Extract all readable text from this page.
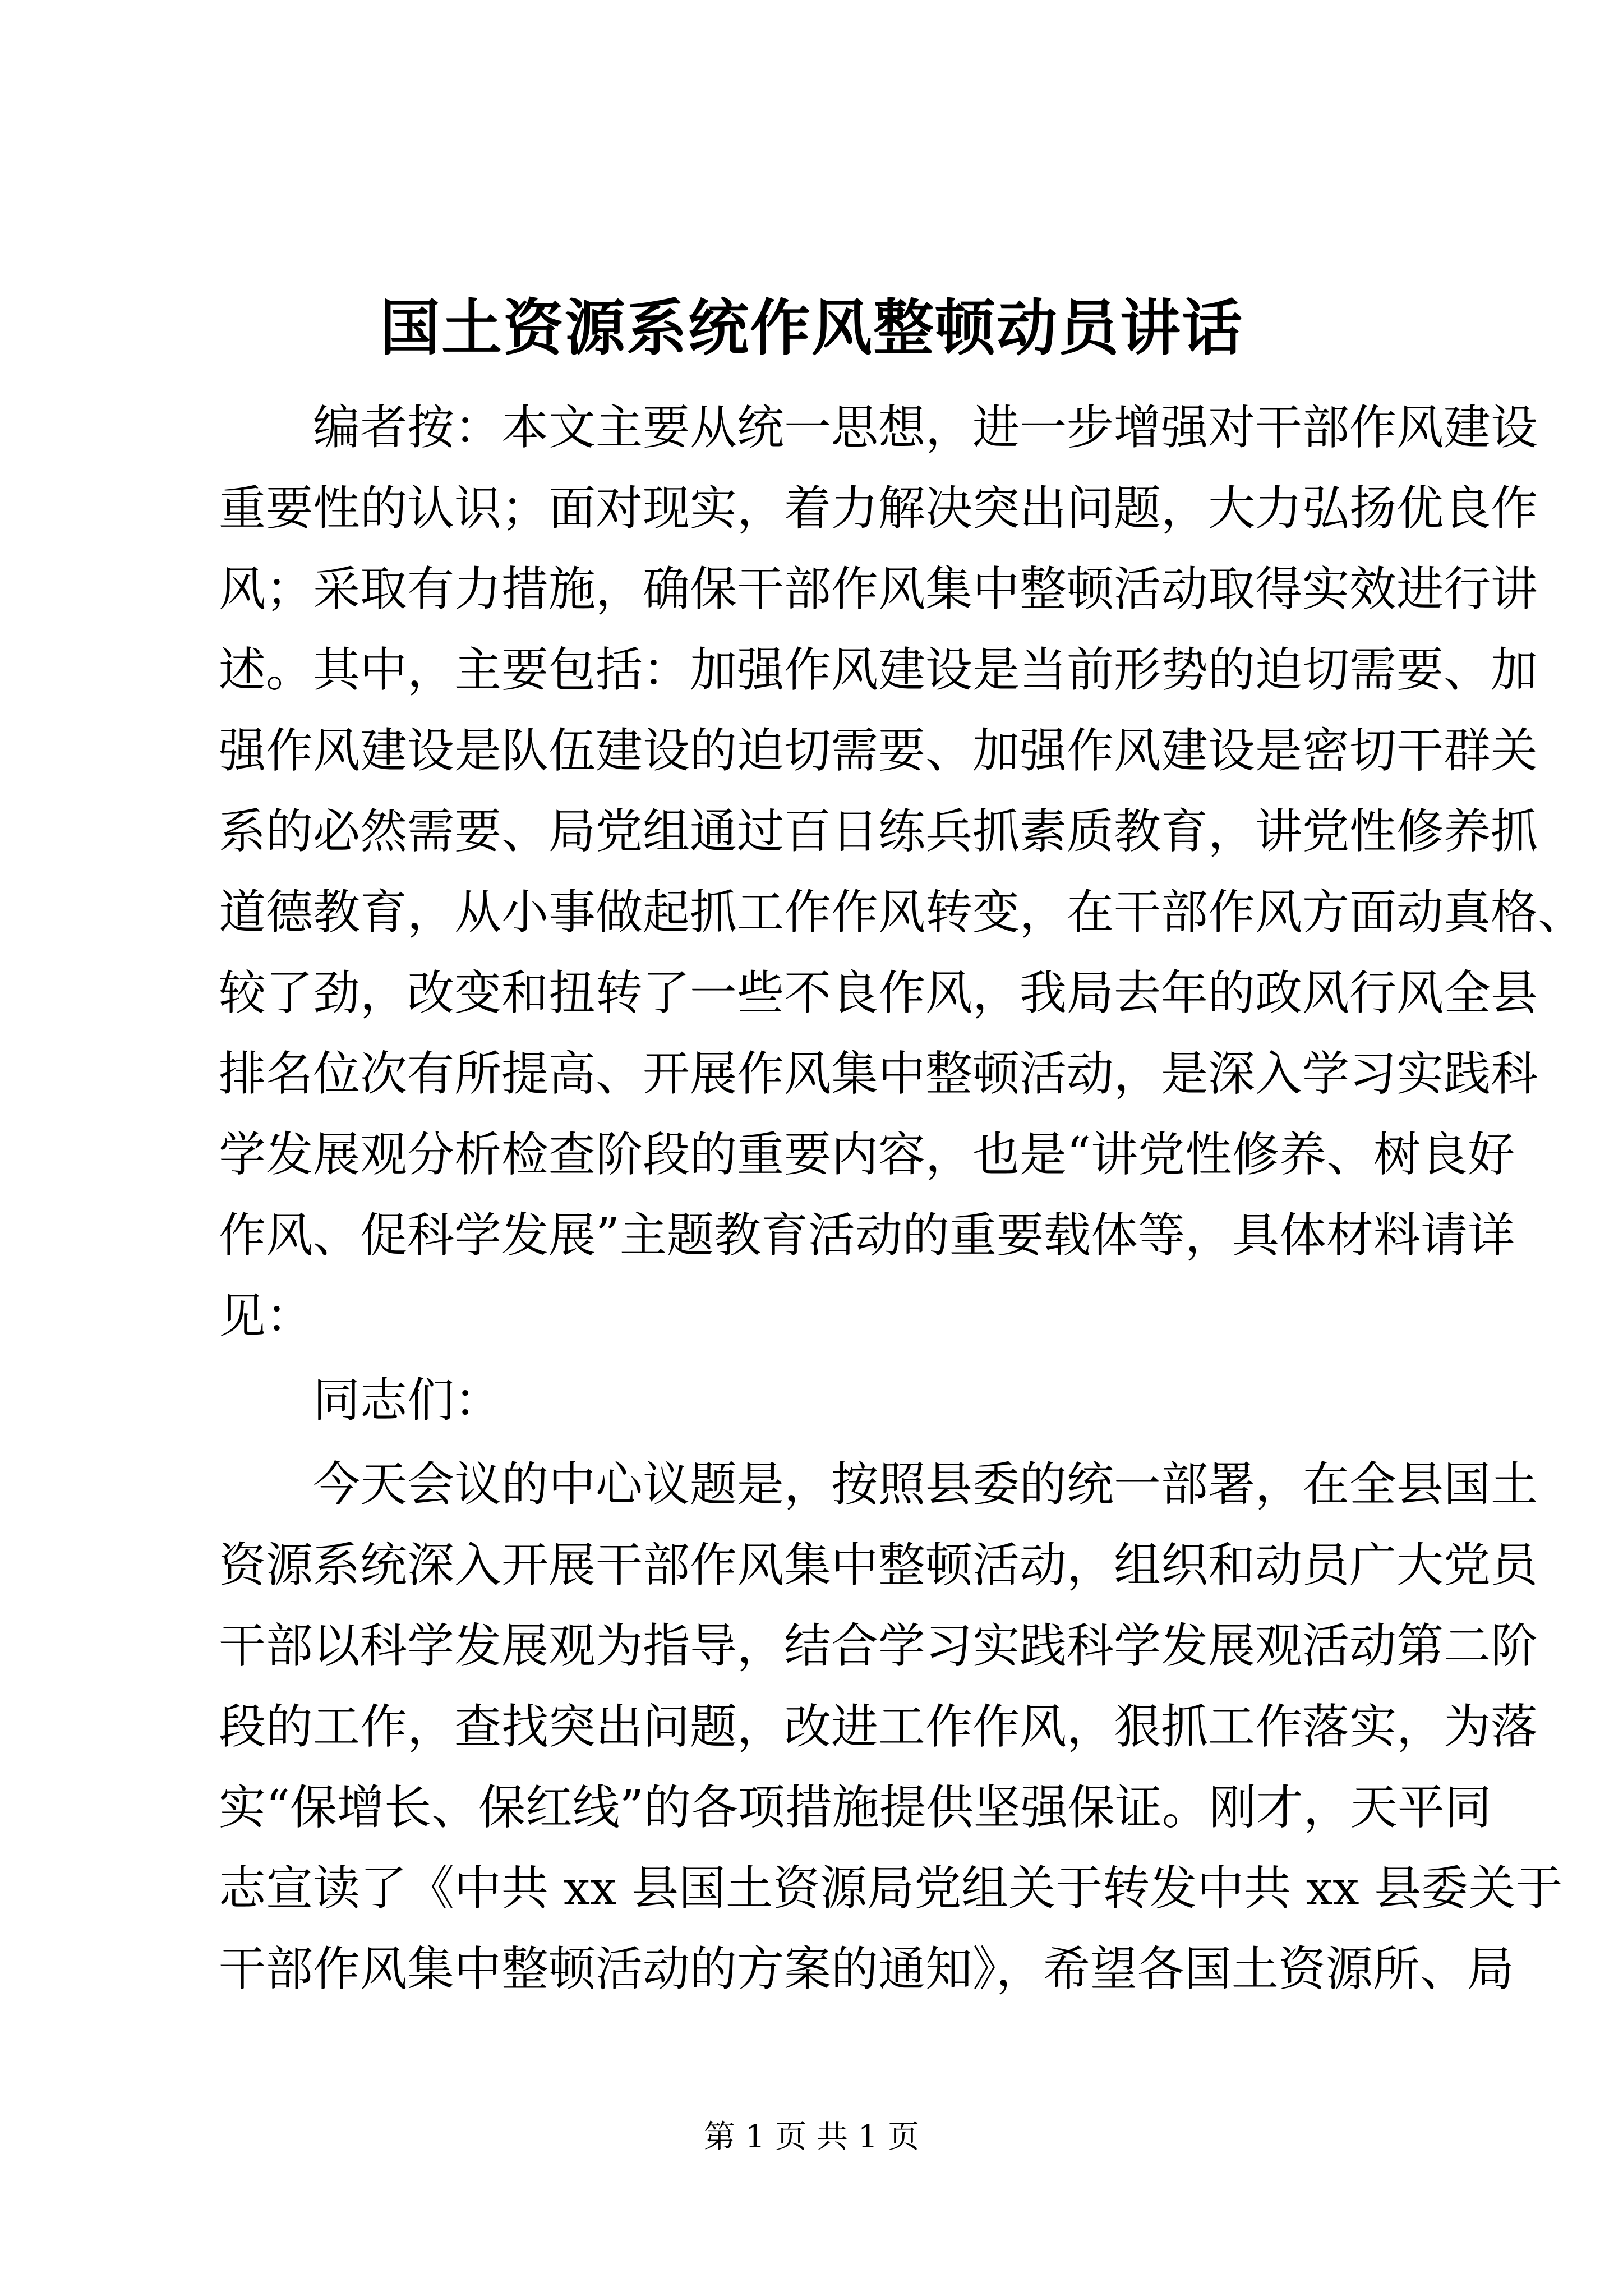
国土资源系统作风整顿动员讲话
编者按：本文主要从统一思想，进一步增强对干部作风建设
重要性的认识；面对现实，着力解决突出问题，大力弘扬优良作
风；采取有力措施，确保干部作风集中整顿活动取得实效进行讲
述。其中，主要包括：加强作风建设是当前形势的迫切需要、加
强作风建设是队伍建设的迫切需要、加强作风建设是密切干群关
系的必然需要、局党组通过百日练兵抓素质教育，讲党性修养抓
道德教育，从小事做起抓工作作风转变，在干部作风方面动真格、
较了劲，改变和扭转了一些不良作风，我局去年的政风行风全县
排名位次有所提高、开展作风集中整顿活动，是深入学习实践科
学发展观分析检查阶段的重要内容，也是“讲党性修养、树良好
作风、促科学发展”主题教育活动的重要载体等，具体材料请详
见：
同志们：
今天会议的中心议题是，按照县委的统一部署，在全县国土
资源系统深入开展干部作风集中整顿活动，组织和动员广大党员
干部以科学发展观为指导，结合学习实践科学发展观活动第二阶
段的工作，查找突出问题，改进工作作风，狠抓工作落实，为落
实“保增长、保红线”的各项措施提供坚强保证。刚才，天平同
志宣读了《中共 xx 县国土资源局党组关于转发中共 xx 县委关于
干部作风集中整顿活动的方案的通知》，希望各国土资源所、局
第 1 页 共 1 页
